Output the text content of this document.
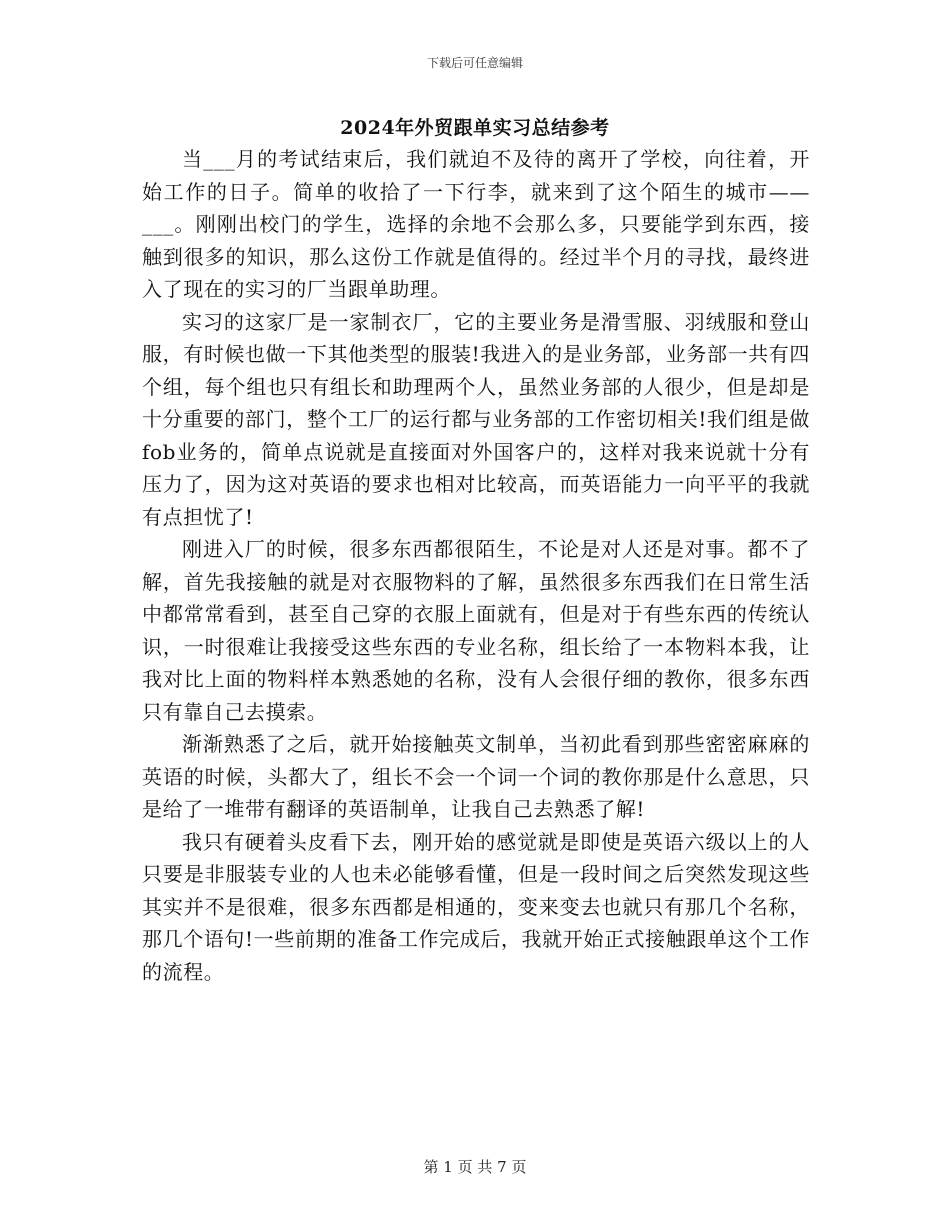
下载后可任意编辑
2024年外贸跟单实习总结参考

当___月的考试结束后，我们就迫不及待的离开了学校，向往着，开始工作的日子。简单的收拾了一下行李，就来到了这个陌生的城市——___。刚刚出校门的学生，选择的余地不会那么多，只要能学到东西，接触到很多的知识，那么这份工作就是值得的。经过半个月的寻找，最终进入了现在的实习的厂当跟单助理。

实习的这家厂是一家制衣厂，它的主要业务是滑雪服、羽绒服和登山服，有时候也做一下其他类型的服装!我进入的是业务部，业务部一共有四个组，每个组也只有组长和助理两个人，虽然业务部的人很少，但是却是十分重要的部门，整个工厂的运行都与业务部的工作密切相关!我们组是做fob业务的，简单点说就是直接面对外国客户的，这样对我来说就十分有压力了，因为这对英语的要求也相对比较高，而英语能力一向平平的我就有点担忧了!

刚进入厂的时候，很多东西都很陌生，不论是对人还是对事。都不了解，首先我接触的就是对衣服物料的了解，虽然很多东西我们在日常生活中都常常看到，甚至自己穿的衣服上面就有，但是对于有些东西的传统认识，一时很难让我接受这些东西的专业名称，组长给了一本物料本我，让我对比上面的物料样本熟悉她的名称，没有人会很仔细的教你，很多东西只有靠自己去摸索。

渐渐熟悉了之后，就开始接触英文制单，当初此看到那些密密麻麻的英语的时候，头都大了，组长不会一个词一个词的教你那是什么意思，只是给了一堆带有翻译的英语制单，让我自己去熟悉了解!

我只有硬着头皮看下去，刚开始的感觉就是即使是英语六级以上的人只要是非服装专业的人也未必能够看懂，但是一段时间之后突然发现这些其实并不是很难，很多东西都是相通的，变来变去也就只有那几个名称，那几个语句!一些前期的准备工作完成后，我就开始正式接触跟单这个工作的流程。

第 1 页 共 7 页
